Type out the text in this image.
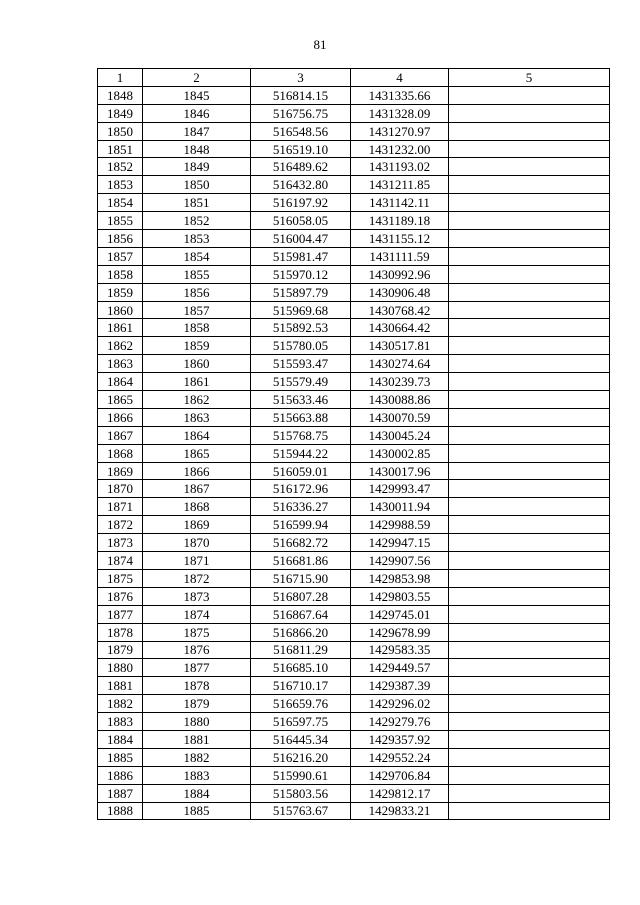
81
1	2	3	4	5
1848	1845	516814.15	1431335.66	
1849	1846	516756.75	1431328.09	
1850	1847	516548.56	1431270.97	
1851	1848	516519.10	1431232.00	
1852	1849	516489.62	1431193.02	
1853	1850	516432.80	1431211.85	
1854	1851	516197.92	1431142.11	
1855	1852	516058.05	1431189.18	
1856	1853	516004.47	1431155.12	
1857	1854	515981.47	1431111.59	
1858	1855	515970.12	1430992.96	
1859	1856	515897.79	1430906.48	
1860	1857	515969.68	1430768.42	
1861	1858	515892.53	1430664.42	
1862	1859	515780.05	1430517.81	
1863	1860	515593.47	1430274.64	
1864	1861	515579.49	1430239.73	
1865	1862	515633.46	1430088.86	
1866	1863	515663.88	1430070.59	
1867	1864	515768.75	1430045.24	
1868	1865	515944.22	1430002.85	
1869	1866	516059.01	1430017.96	
1870	1867	516172.96	1429993.47	
1871	1868	516336.27	1430011.94	
1872	1869	516599.94	1429988.59	
1873	1870	516682.72	1429947.15	
1874	1871	516681.86	1429907.56	
1875	1872	516715.90	1429853.98	
1876	1873	516807.28	1429803.55	
1877	1874	516867.64	1429745.01	
1878	1875	516866.20	1429678.99	
1879	1876	516811.29	1429583.35	
1880	1877	516685.10	1429449.57	
1881	1878	516710.17	1429387.39	
1882	1879	516659.76	1429296.02	
1883	1880	516597.75	1429279.76	
1884	1881	516445.34	1429357.92	
1885	1882	516216.20	1429552.24	
1886	1883	515990.61	1429706.84	
1887	1884	515803.56	1429812.17	
1888	1885	515763.67	1429833.21	
